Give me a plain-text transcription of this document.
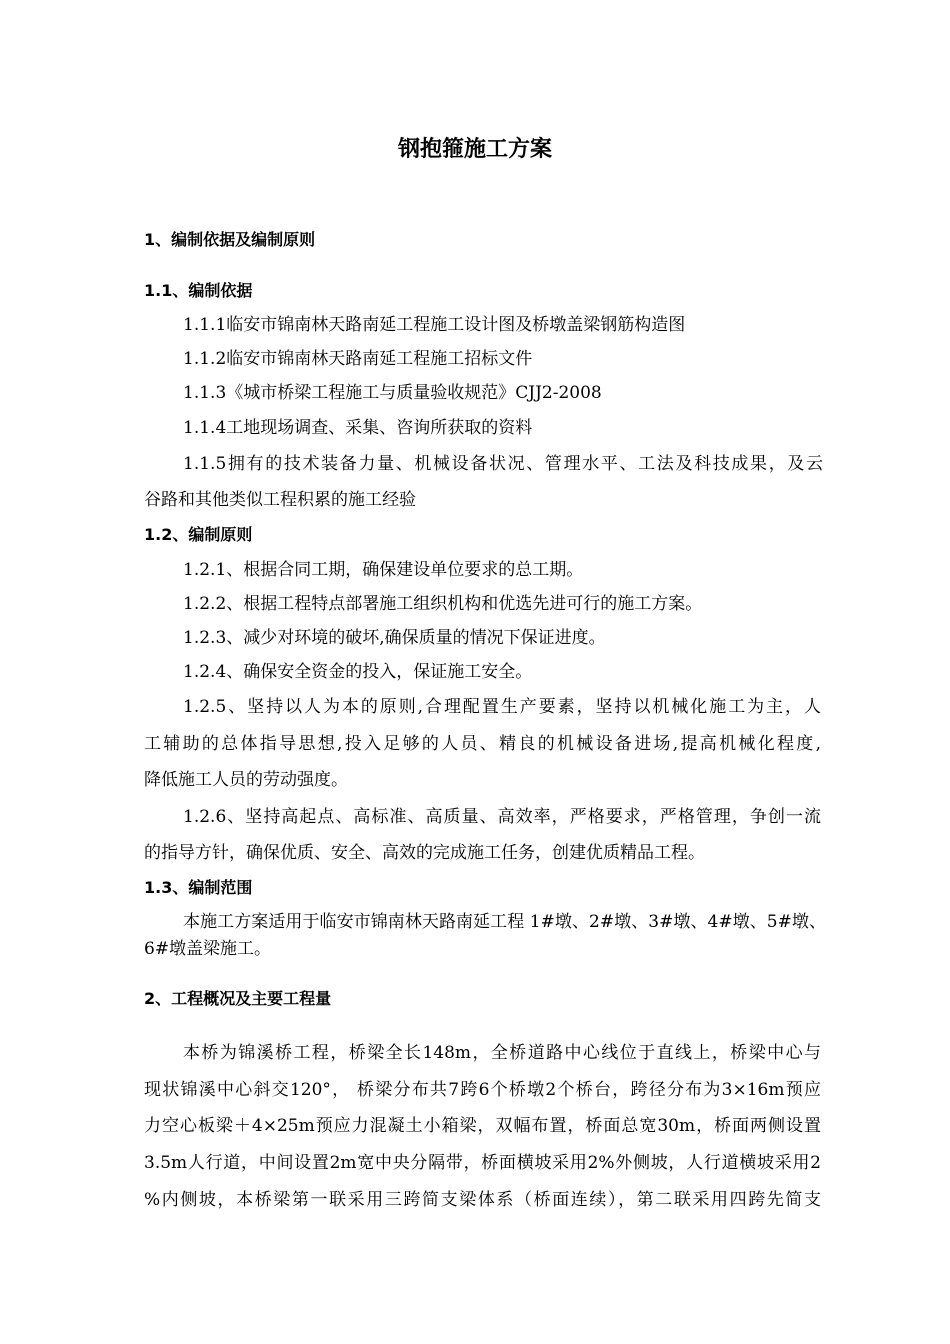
钢抱箍施工方案
1、编制依据及编制原则
1.1、编制依据
1.1.1临安市锦南林天路南延工程施工设计图及桥墩盖梁钢筋构造图
1.1.2临安市锦南林天路南延工程施工招标文件
1.1.3《城市桥梁工程施工与质量验收规范》CJJ2-2008
1.1.4工地现场调查、采集、咨询所获取的资料
1.1.5拥有的技术装备力量、机械设备状况、管理水平、工法及科技成果，及云
谷路和其他类似工程积累的施工经验
1.2、编制原则
1.2.1、根据合同工期，确保建设单位要求的总工期。
1.2.2、根据工程特点部署施工组织机构和优选先进可行的施工方案。
1.2.3、减少对环境的破坏,确保质量的情况下保证进度。
1.2.4、确保安全资金的投入，保证施工安全。
1.2.5、坚持以人为本的原则,合理配置生产要素，坚持以机械化施工为主，人
工辅助的总体指导思想,投入足够的人员、精良的机械设备进场,提高机械化程度,
降低施工人员的劳动强度。
1.2.6、坚持高起点、高标准、高质量、高效率，严格要求，严格管理，争创一流
的指导方针，确保优质、安全、高效的完成施工任务，创建优质精品工程。
1.3、编制范围
本施工方案适用于临安市锦南林天路南延工程 1#墩、2#墩、3#墩、4#墩、5#墩、
6#墩盖梁施工。
2、工程概况及主要工程量
本桥为锦溪桥工程，桥梁全长148m，全桥道路中心线位于直线上，桥梁中心与
现状锦溪中心斜交120°， 桥梁分布共7跨6个桥墩2个桥台，跨径分布为3×16m预应
力空心板梁＋4×25m预应力混凝土小箱梁，双幅布置，桥面总宽30m，桥面两侧设置
3.5m人行道，中间设置2m宽中央分隔带，桥面横坡采用2%外侧坡，人行道横坡采用2
%内侧坡，本桥梁第一联采用三跨简支梁体系（桥面连续），第二联采用四跨先简支
